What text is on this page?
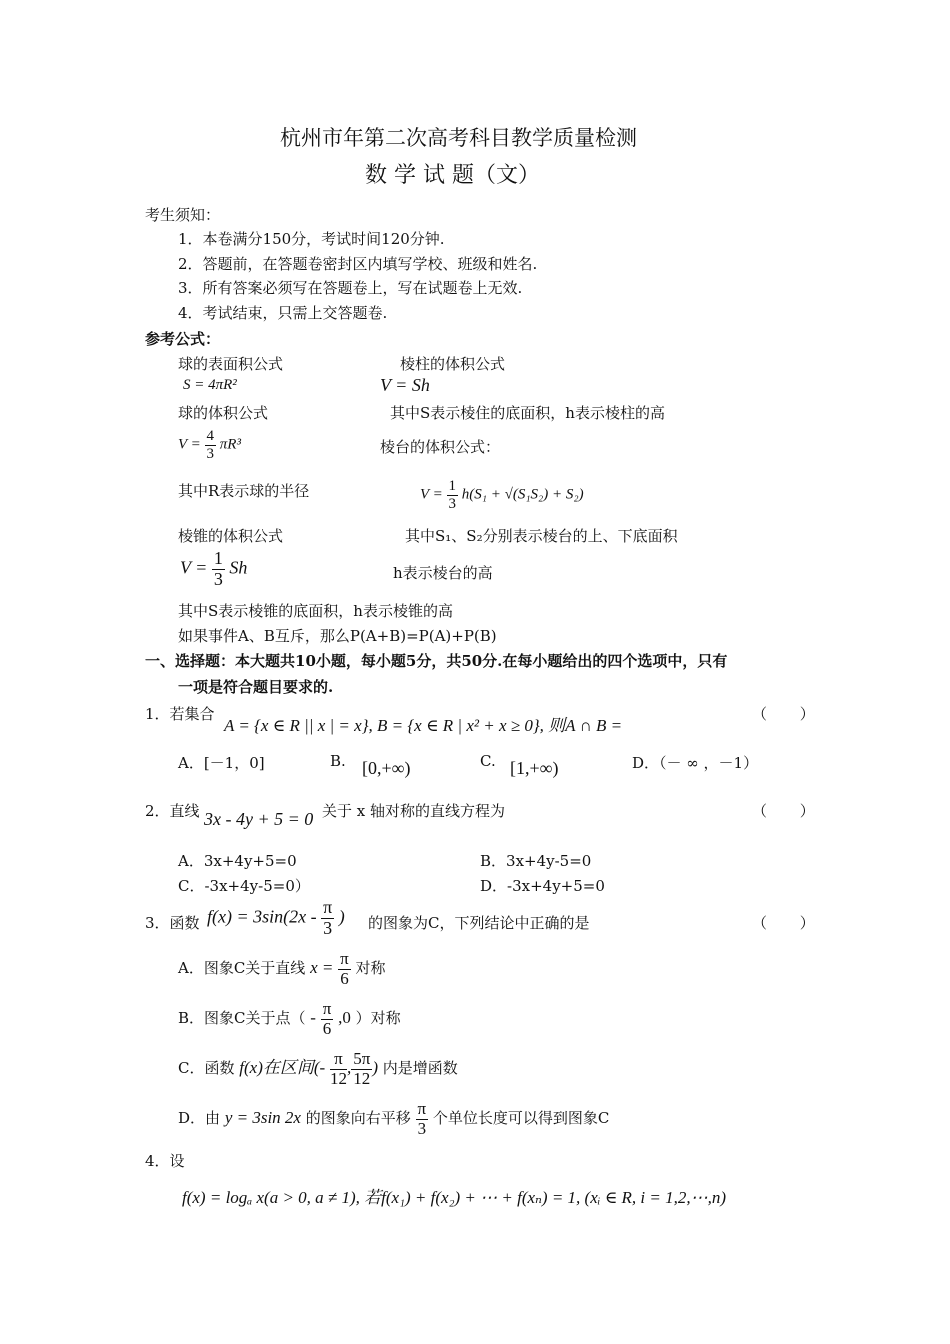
杭州市年第二次高考科目教学质量检测
数 学 试 题（文）
考生须知：
1．本卷满分150分，考试时间120分钟.
2．答题前，在答题卷密封区内填写学校、班级和姓名.
3．所有答案必须写在答题卷上，写在试题卷上无效.
4．考试结束，只需上交答题卷.
参考公式：
球的表面积公式	棱柱的体积公式
S = 4πR²	V = Sh
球的体积公式	其中S表示棱住的底面积，h表示棱柱的高
$V = \frac{4}{3} \pi R^3$	棱台的体积公式：
其中R表示球的半径	$V = \frac{1}{3} h(S_1 + √(S_1S_2) + S_2)$
棱锥的体积公式	其中S₁、S₂分别表示棱台的上、下底面积
$V = \frac{1}{3}$ Sh	h表示棱台的高
其中S表示棱锥的底面积，h表示棱锥的高
如果事件A、B互斥，那么P(A+B)=P(A)+P(B)
一、选择题：本大题共10小题，每小题5分，共50分.在每小题给出的四个选项中，只有
一项是符合题目要求的.
1．若集合
A = {x ∈ R || x | = x}, B = {x ∈ R | x² + x ≥ 0}, 则A ∩ B =
（ ）
A．[－1，0]	B. [0,+∞)	C. [1,+∞)	D．（－ ∞ ，－1）
2．直线 3x - 4y + 5 = 0 关于 x 轴对称的直线方程为	（ ）
A．3x+4y+5=0	B．3x+4y-5=0
C．-3x+4y-5=0）	D．-3x+4y+5=0
3．函数 $f(x) = 3\sin(2x - \frac{\pi}{3}$ ) 的图象为C，下列结论中正确的是	（ ）
A．图象C关于直线 $x = \frac{\pi}{6}$ 对称
B．图象C关于点（ - $\frac{\pi}{6} ,0$ ）对称
C．函数 f(x)在区间(- $\frac{\pi}{12}$ , $\frac{5\pi}{12}$ ) 内是增函数
D．由 y = 3sin 2x 的图象向右平移 $\frac{\pi}{3}$ 个单位长度可以得到图象C
4．设
f(x) = logₐ x(a > 0, a ≠ 1), 若f(x₁) + f(x₂) + ⋯ + f(xₙ) = 1, (xᵢ ∈ R, i = 1,2,⋯,n)
